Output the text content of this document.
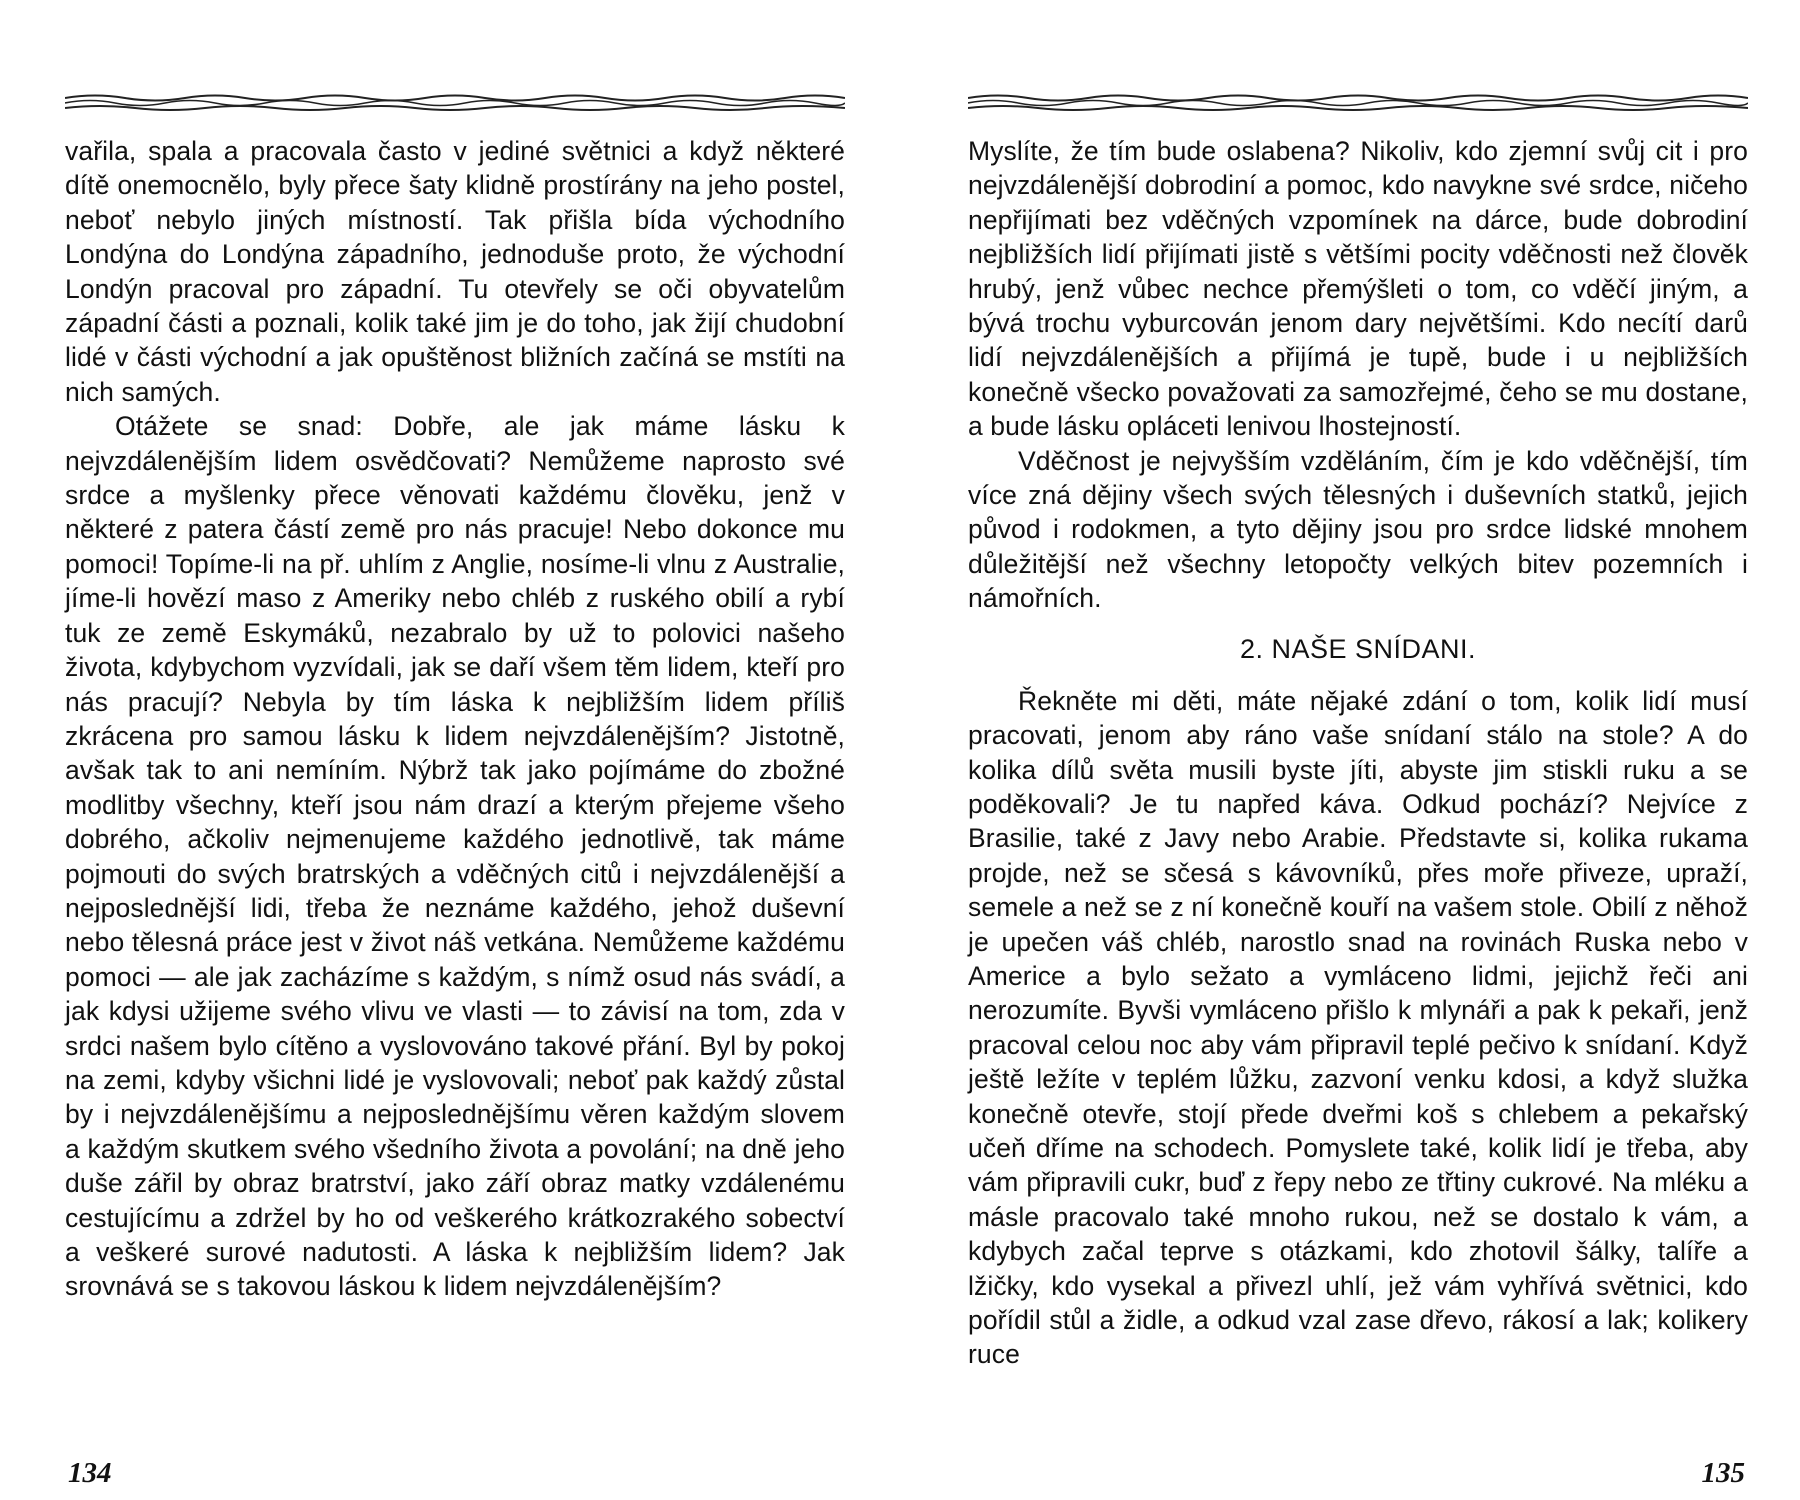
vařila, spala a pracovala často v jediné světnici a když některé dítě onemocnělo, byly přece šaty klidně prostírány na jeho postel, neboť nebylo jiných místností. Tak přišla bída východního Londýna do Londýna západního, jednoduše proto, že východní Londýn pracoval pro západní. Tu otevřely se oči obyvatelům západní části a poznali, kolik také jim je do toho, jak žijí chudobní lidé v části východní a jak opuštěnost bližních začíná se mstíti na nich samých.

Otážete se snad: Dobře, ale jak máme lásku k nejvzdálenějším lidem osvědčovati? Nemůžeme naprosto své srdce a myšlenky přece věnovati každému člověku, jenž v některé z patera částí země pro nás pracuje! Nebo dokonce mu pomoci! Topíme-li na př. uhlím z Anglie, nosíme-li vlnu z Australie, jíme-li hovězí maso z Ameriky nebo chléb z ruského obilí a rybí tuk ze země Eskymáků, nezabralo by už to polovici našeho života, kdybychom vyzvídali, jak se daří všem těm lidem, kteří pro nás pracují? Nebyla by tím láska k nejbližším lidem příliš zkrácena pro samou lásku k lidem nejvzdálenějším? Jistotně, avšak tak to ani nemíním. Nýbrž tak jako pojímáme do zbožné modlitby všechny, kteří jsou nám drazí a kterým přejeme všeho dobrého, ačkoliv nejmenujeme každého jednotlivě, tak máme pojmouti do svých bratrských a vděčných citů i nejvzdálenější a nejposlednější lidi, třeba že neznáme každého, jehož duševní nebo tělesná práce jest v život náš vetkána. Nemůžeme každému pomoci — ale jak zacházíme s každým, s nímž osud nás svádí, a jak kdysi užijeme svého vlivu ve vlasti — to závisí na tom, zda v srdci našem bylo cítěno a vyslovováno takové přání. Byl by pokoj na zemi, kdyby všichni lidé je vyslovovali; neboť pak každý zůstal by i nejvzdálenějšímu a nejposlednějšímu věren každým slovem a každým skutkem svého všedního života a povolání; na dně jeho duše zářil by obraz bratrství, jako září obraz matky vzdálenému cestujícímu a zdržel by ho od veškerého krátkozrakého sobectví a veškeré surové nadutosti. A láska k nejbližším lidem? Jak srovnává se s takovou láskou k lidem nejvzdálenějším?

134

Myslíte, že tím bude oslabena? Nikoliv, kdo zjemní svůj cit i pro nejvzdálenější dobrodiní a pomoc, kdo navykne své srdce, ničeho nepřijímati bez vděčných vzpomínek na dárce, bude dobrodiní nejbližších lidí přijímati jistě s většími pocity vděčnosti než člověk hrubý, jenž vůbec nechce přemýšleti o tom, co vděčí jiným, a bývá trochu vyburcován jenom dary největšími. Kdo necítí darů lidí nejvzdálenějších a přijímá je tupě, bude i u nejbližších konečně všecko považovati za samozřejmé, čeho se mu dostane, a bude lásku opláceti lenivou lhostejností.

Vděčnost je nejvyšším vzděláním, čím je kdo vděčnější, tím více zná dějiny všech svých tělesných i duševních statků, jejich původ i rodokmen, a tyto dějiny jsou pro srdce lidské mnohem důležitější než všechny letopočty velkých bitev pozemních i námořních.

2. NAŠE SNÍDANI.

Řekněte mi děti, máte nějaké zdání o tom, kolik lidí musí pracovati, jenom aby ráno vaše snídaní stálo na stole? A do kolika dílů světa musili byste jíti, abyste jim stiskli ruku a se poděkovali? Je tu napřed káva. Odkud pochází? Nejvíce z Brasilie, také z Javy nebo Arabie. Představte si, kolika rukama projde, než se sčesá s kávovníků, přes moře přiveze, upraží, semele a než se z ní konečně kouří na vašem stole. Obilí z něhož je upečen váš chléb, narostlo snad na rovinách Ruska nebo v Americe a bylo sežato a vymláceno lidmi, jejichž řeči ani nerozumíte. Byvši vymláceno přišlo k mlynáři a pak k pekaři, jenž pracoval celou noc aby vám připravil teplé pečivo k snídaní. Když ještě ležíte v teplém lůžku, zazvoní venku kdosi, a když služka konečně otevře, stojí přede dveřmi koš s chlebem a pekařský učeň dříme na schodech. Pomyslete také, kolik lidí je třeba, aby vám připravili cukr, buď z řepy nebo ze třtiny cukrové. Na mléku a másle pracovalo také mnoho rukou, než se dostalo k vám, a kdybych začal teprve s otázkami, kdo zhotovil šálky, talíře a lžičky, kdo vysekal a přivezl uhlí, jež vám vyhřívá světnici, kdo pořídil stůl a židle, a odkud vzal zase dřevo, rákosí a lak; kolikery ruce

135
